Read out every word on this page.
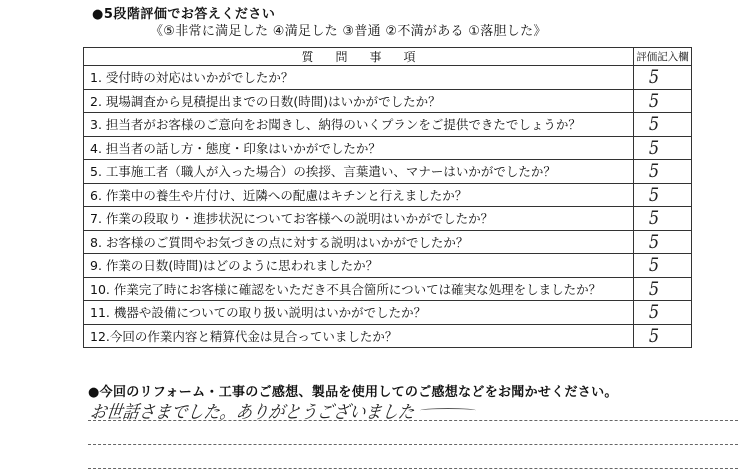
●5段階評価でお答えください
《⑤非常に満足した ④満足した ③普通 ②不満がある ①落胆した》
質問事項	評価記入欄
1. 受付時の対応はいかがでしたか？	5
2. 現場調査から見積提出までの日数(時間)はいかがでしたか？	5
3. 担当者がお客様のご意向をお聞きし、納得のいくプランをご提供できたでしょうか？	5
4. 担当者の話し方・態度・印象はいかがでしたか？	5
5. 工事施工者（職人が入った場合）の挨拶、言葉遣い、マナーはいかがでしたか？	5
6. 作業中の養生や片付け、近隣への配慮はキチンと行えましたか？	5
7. 作業の段取り・進捗状況についてお客様への説明はいかがでしたか？	5
8. お客様のご質問やお気づきの点に対する説明はいかがでしたか？	5
9. 作業の日数(時間)はどのように思われましたか？	5
10. 作業完了時にお客様に確認をいただき不具合箇所については確実な処理をしましたか？	5
11. 機器や設備についての取り扱い説明はいかがでしたか？	5
12.今回の作業内容と精算代金は見合っていましたか？	5
●今回のリフォーム・工事のご感想、製品を使用してのご感想などをお聞かせください。
お世話さまでした。ありがとうございました
